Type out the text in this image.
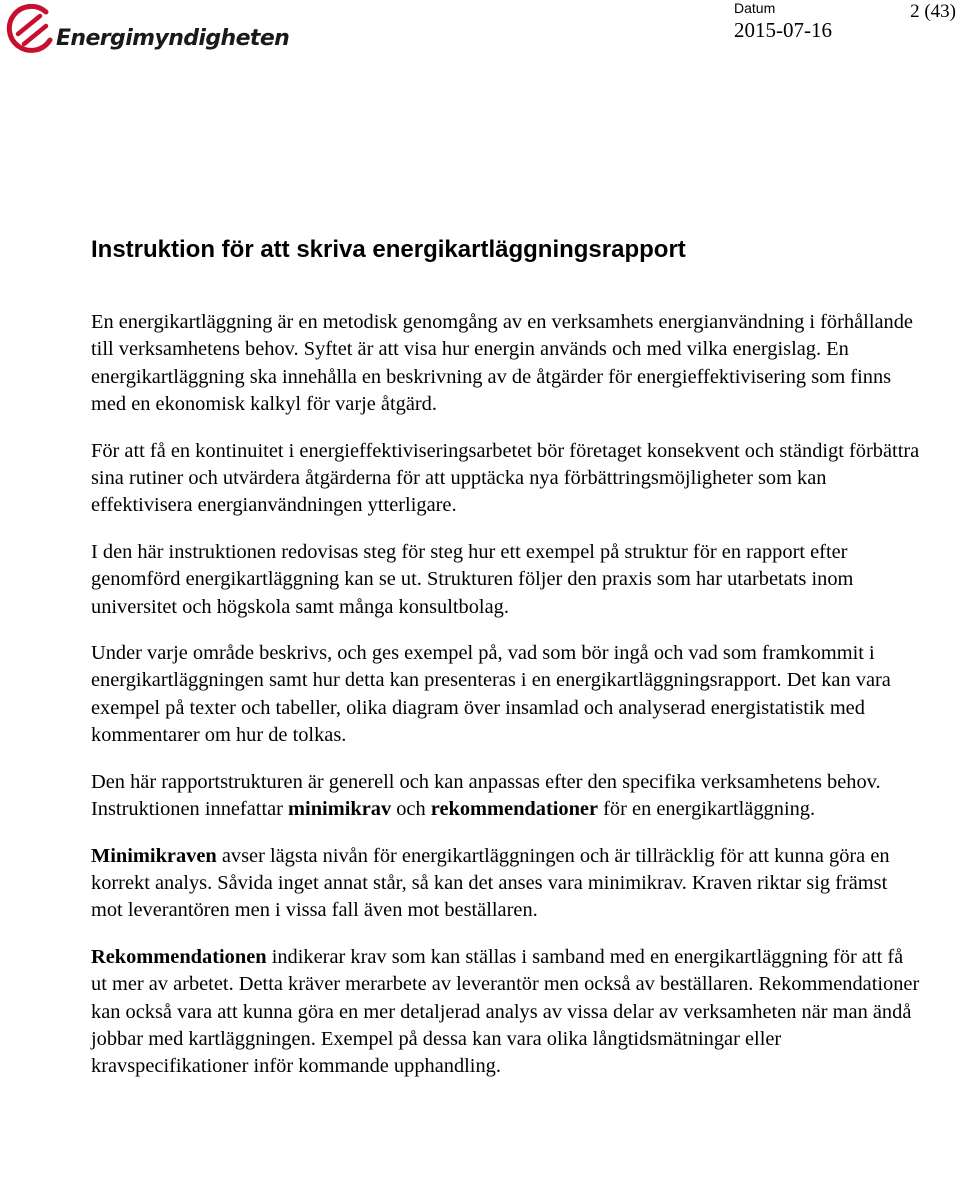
Energimyndigheten
Datum
2015-07-16
2 (43)
Instruktion för att skriva energikartläggningsrapport

En energikartläggning är en metodisk genomgång av en verksamhets energianvändning i förhållande till verksamhetens behov. Syftet är att visa hur energin används och med vilka energislag. En energikartläggning ska innehålla en beskrivning av de åtgärder för energieffektivisering som finns med en ekonomisk kalkyl för varje åtgärd.

För att få en kontinuitet i energieffektiviseringsarbetet bör företaget konsekvent och ständigt förbättra sina rutiner och utvärdera åtgärderna för att upptäcka nya förbättringsmöjligheter som kan effektivisera energianvändningen ytterligare.

I den här instruktionen redovisas steg för steg hur ett exempel på struktur för en rapport efter genomförd energikartläggning kan se ut. Strukturen följer den praxis som har utarbetats inom universitet och högskola samt många konsultbolag.

Under varje område beskrivs, och ges exempel på, vad som bör ingå och vad som framkommit i energikartläggningen samt hur detta kan presenteras i en energikartläggningsrapport. Det kan vara exempel på texter och tabeller, olika diagram över insamlad och analyserad energistatistik med kommentarer om hur de tolkas.

Den här rapportstrukturen är generell och kan anpassas efter den specifika verksamhetens behov. Instruktionen innefattar minimikrav och rekommendationer för en energikartläggning.

Minimikraven avser lägsta nivån för energikartläggningen och är tillräcklig för att kunna göra en korrekt analys. Såvida inget annat står, så kan det anses vara minimikrav. Kraven riktar sig främst mot leverantören men i vissa fall även mot beställaren.

Rekommendationen indikerar krav som kan ställas i samband med en energikartläggning för att få ut mer av arbetet. Detta kräver merarbete av leverantör men också av beställaren. Rekommendationer kan också vara att kunna göra en mer detaljerad analys av vissa delar av verksamheten när man ändå jobbar med kartläggningen. Exempel på dessa kan vara olika långtidsmätningar eller kravspecifikationer inför kommande upphandling.
